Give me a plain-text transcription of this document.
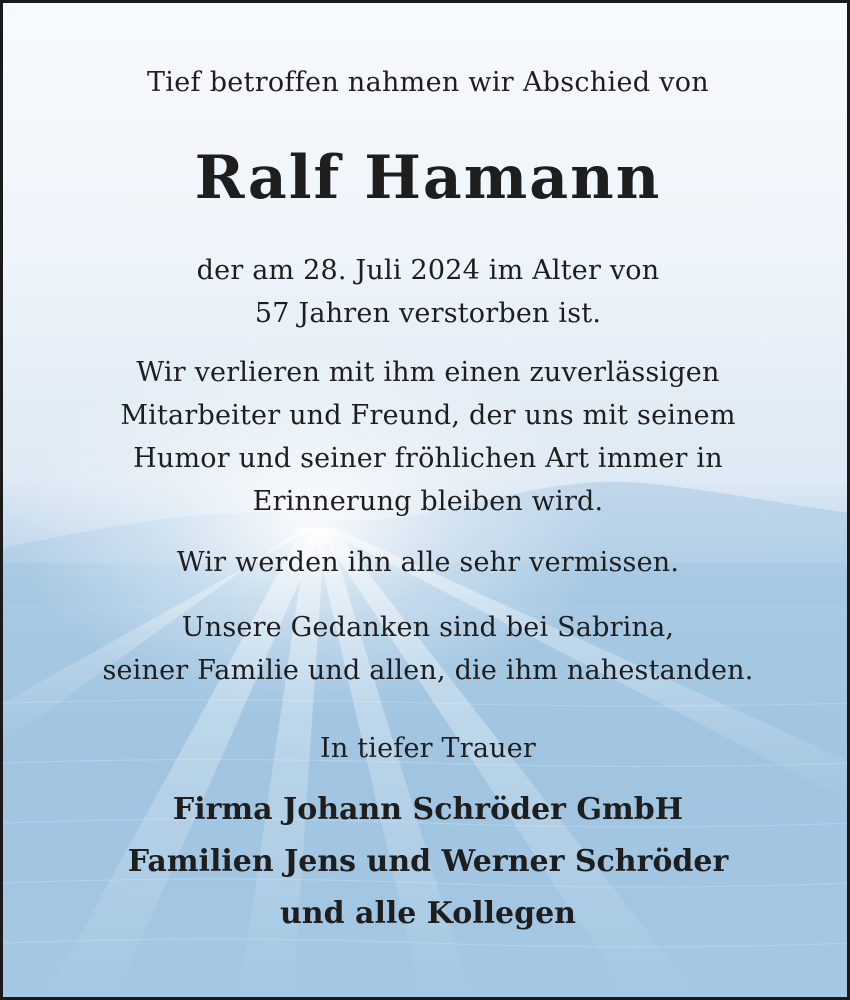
Tief betroffen nahmen wir Abschied von

Ralf Hamann

der am 28. Juli 2024 im Alter von
57 Jahren verstorben ist.

Wir verlieren mit ihm einen zuverlässigen
Mitarbeiter und Freund, der uns mit seinem
Humor und seiner fröhlichen Art immer in
Erinnerung bleiben wird.

Wir werden ihn alle sehr vermissen.

Unsere Gedanken sind bei Sabrina,
seiner Familie und allen, die ihm nahestanden.

In tiefer Trauer

Firma Johann Schröder GmbH
Familien Jens und Werner Schröder
und alle Kollegen
